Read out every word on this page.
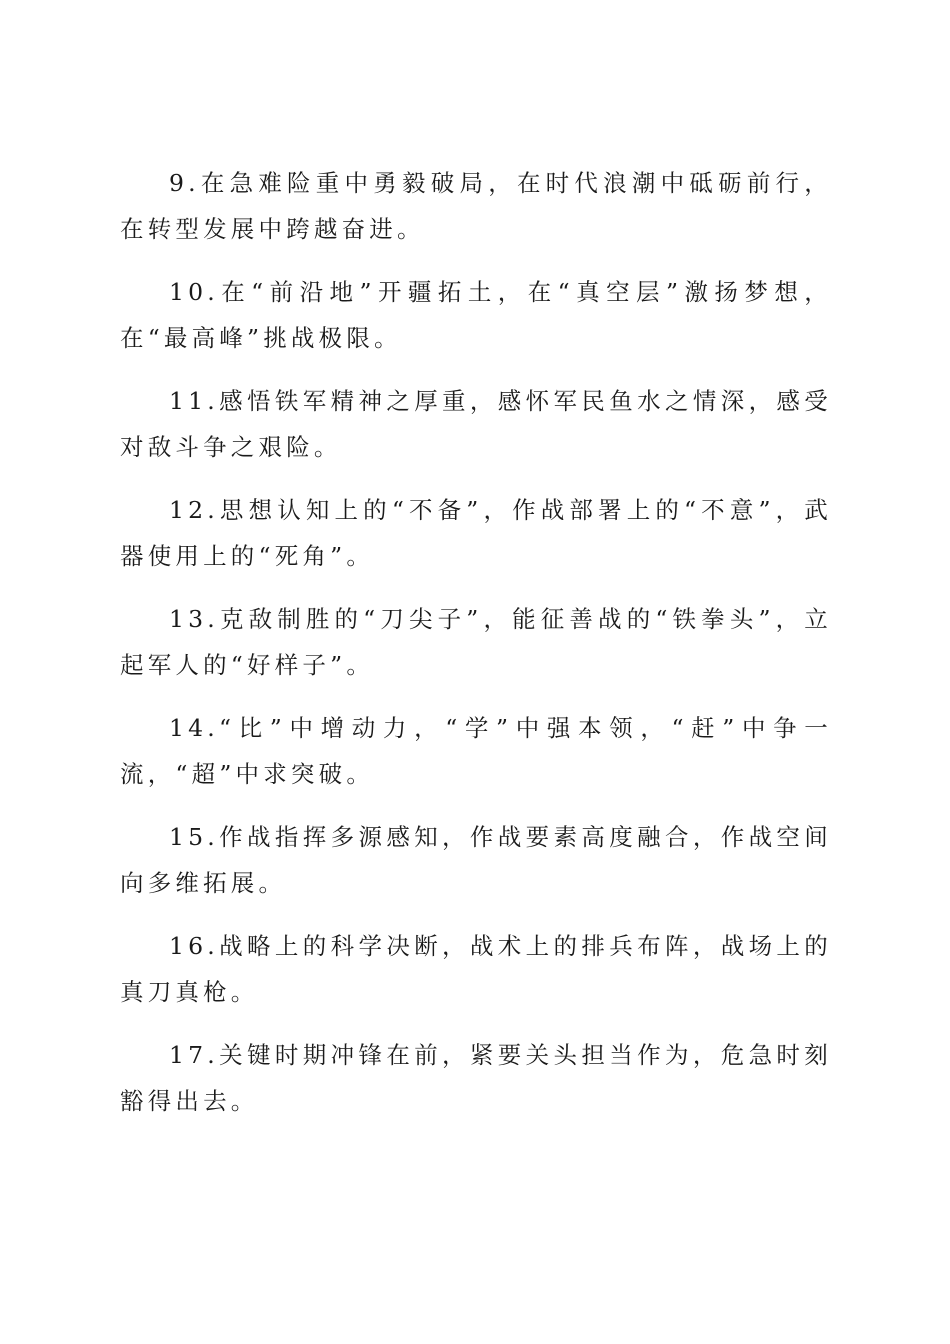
9.在急难险重中勇毅破局，在时代浪潮中砥砺前行，在转型发展中跨越奋进。

10.在“前沿地”开疆拓土，在“真空层”激扬梦想，在“最高峰”挑战极限。

11.感悟铁军精神之厚重，感怀军民鱼水之情深，感受对敌斗争之艰险。

12.思想认知上的“不备”，作战部署上的“不意”，武器使用上的“死角”。

13.克敌制胜的“刀尖子”，能征善战的“铁拳头”，立起军人的“好样子”。

14.“比”中增动力，“学”中强本领，“赶”中争一流，“超”中求突破。

15.作战指挥多源感知，作战要素高度融合，作战空间向多维拓展。

16.战略上的科学决断，战术上的排兵布阵，战场上的真刀真枪。

17.关键时期冲锋在前，紧要关头担当作为，危急时刻豁得出去。
